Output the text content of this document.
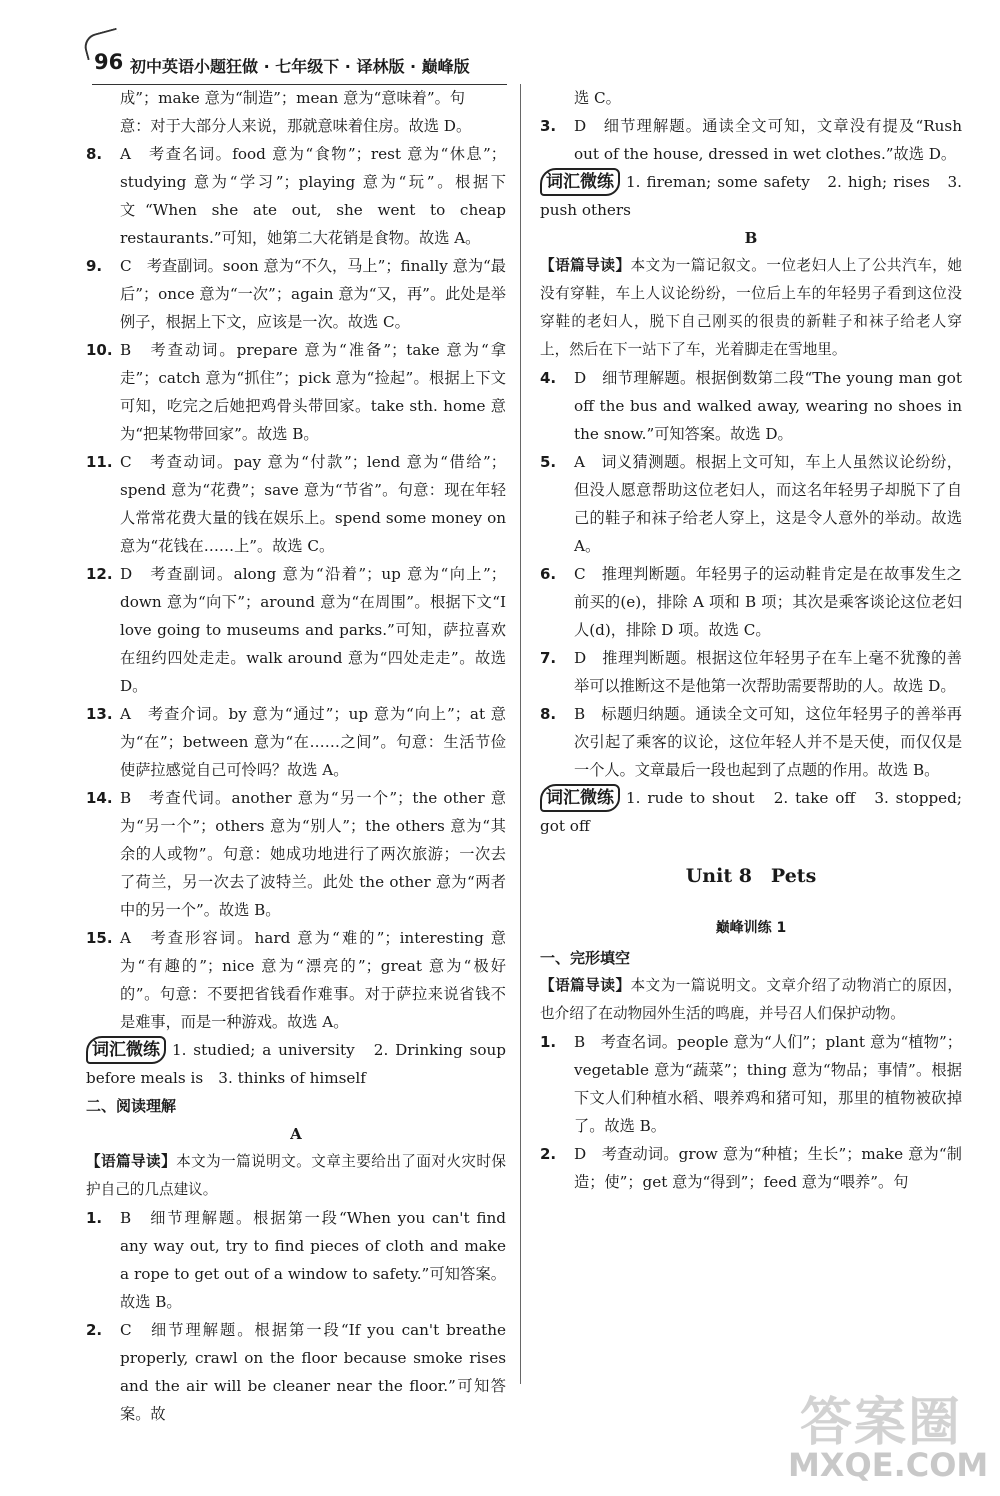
96 初中英语小题狂做 · 七年级下 · 译林版 · 巅峰版
成”；make 意为“制造”；mean 意为“意味着”。句
意：对于大部分人来说，那就意味着住房。故选 D。
8. A　考查名词。food 意为“食物”；rest 意为“休息”；studying 意为“学习”；playing 意为“玩”。根据下文“When she ate out, she went to cheap restaurants.”可知，她第二大花销是食物。故选 A。
9. C　考查副词。soon 意为“不久，马上”；finally 意为“最后”；once 意为“一次”；again 意为“又，再”。此处是举例子，根据上下文，应该是一次。故选 C。
10. B　考查动词。prepare 意为“准备”；take 意为“拿走”；catch 意为“抓住”；pick 意为“捡起”。根据上下文可知，吃完之后她把鸡骨头带回家。take sth. home 意为“把某物带回家”。故选 B。
11. C　考查动词。pay 意为“付款”；lend 意为“借给”；spend 意为“花费”；save 意为“节省”。句意：现在年轻人常常花费大量的钱在娱乐上。spend some money on 意为“花钱在……上”。故选 C。
12. D　考查副词。along 意为“沿着”；up 意为“向上”；down 意为“向下”；around 意为“在周围”。根据下文“I love going to museums and parks.”可知，萨拉喜欢在纽约四处走走。walk around 意为“四处走走”。故选 D。
13. A　考查介词。by 意为“通过”；up 意为“向上”；at 意为“在”；between 意为“在……之间”。句意：生活节俭使萨拉感觉自己可怜吗？故选 A。
14. B　考查代词。another 意为“另一个”；the other 意为“另一个”；others 意为“别人”；the others 意为“其余的人或物”。句意：她成功地进行了两次旅游；一次去了荷兰，另一次去了波特兰。此处 the other 意为“两者中的另一个”。故选 B。
15. A　考查形容词。hard 意为“难的”；interesting 意为“有趣的”；nice 意为“漂亮的”；great 意为“极好的”。句意：不要把省钱看作难事。对于萨拉来说省钱不是难事，而是一种游戏。故选 A。
词汇微练 1. studied; a university　2. Drinking soup before meals is　3. thinks of himself
二、阅读理解
A
【语篇导读】本文为一篇说明文。文章主要给出了面对火灾时保护自己的几点建议。
1. B　细节理解题。根据第一段“When you can't find any way out, try to find pieces of cloth and make a rope to get out of a window to safety.”可知答案。故选 B。
2. C　细节理解题。根据第一段“If you can't breathe properly, crawl on the floor because smoke rises and the air will be cleaner near the floor.”可知答案。故
选 C。
3. D　细节理解题。通读全文可知，文章没有提及“Rush out of the house, dressed in wet clothes.”故选 D。
词汇微练 1. fireman; some safety　2. high; rises　3. push others
B
【语篇导读】本文为一篇记叙文。一位老妇人上了公共汽车，她没有穿鞋，车上人议论纷纷，一位后上车的年轻男子看到这位没穿鞋的老妇人，脱下自己刚买的很贵的新鞋子和袜子给老人穿上，然后在下一站下了车，光着脚走在雪地里。
4. D　细节理解题。根据倒数第二段“The young man got off the bus and walked away, wearing no shoes in the snow.”可知答案。故选 D。
5. A　词义猜测题。根据上文可知，车上人虽然议论纷纷，但没人愿意帮助这位老妇人，而这名年轻男子却脱下了自己的鞋子和袜子给老人穿上，这是令人意外的举动。故选 A。
6. C　推理判断题。年轻男子的运动鞋肯定是在故事发生之前买的(e)，排除 A 项和 B 项；其次是乘客谈论这位老妇人(d)，排除 D 项。故选 C。
7. D　推理判断题。根据这位年轻男子在车上毫不犹豫的善举可以推断这不是他第一次帮助需要帮助的人。故选 D。
8. B　标题归纳题。通读全文可知，这位年轻男子的善举再次引起了乘客的议论，这位年轻人并不是天使，而仅仅是一个人。文章最后一段也起到了点题的作用。故选 B。
词汇微练 1. rude to shout　2. take off　3. stopped; got off
Unit 8　Pets
巅峰训练 1
一、完形填空
【语篇导读】本文为一篇说明文。文章介绍了动物消亡的原因，也介绍了在动物园外生活的鸣鹿，并号召人们保护动物。
1. B　考查名词。people 意为“人们”；plant 意为“植物”；vegetable 意为“蔬菜”；thing 意为“物品；事情”。根据下文人们种植水稻、喂养鸡和猪可知，那里的植物被砍掉了。故选 B。
2. D　考查动词。grow 意为“种植；生长”；make 意为“制造；使”；get 意为“得到”；feed 意为“喂养”。句
答案圈
MXQE.COM
